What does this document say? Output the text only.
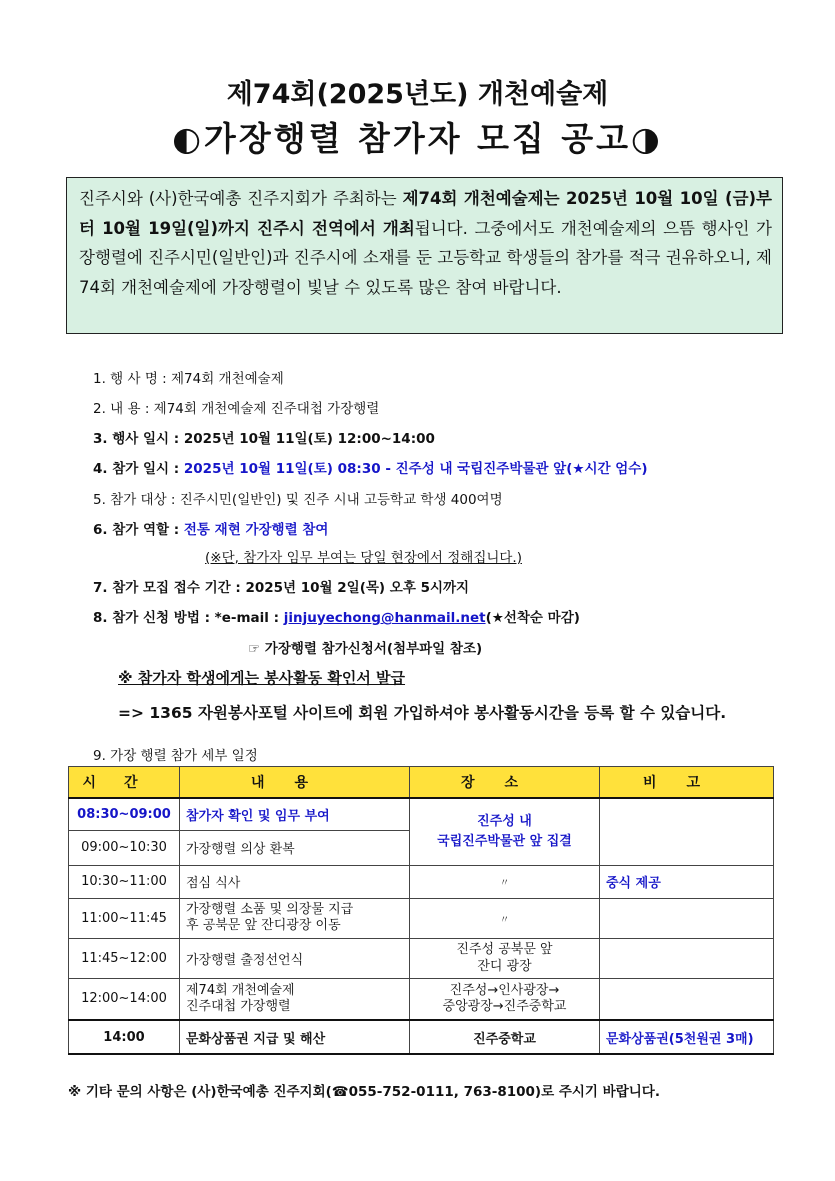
제74회(2025년도) 개천예술제
◐가장행렬 참가자 모집 공고◑
진주시와 (사)한국예총 진주지회가 주최하는 제74회 개천예술제는 2025년 10월 10일 (금)부터 10월 19일(일)까지 진주시 전역에서 개최됩니다. 그중에서도 개천예술제의 으뜸 행사인 가장행렬에 진주시민(일반인)과 진주시에 소재를 둔 고등학교 학생들의 참가를 적극 권유하오니, 제74회 개천예술제에 가장행렬이 빛날 수 있도록 많은 참여 바랍니다.
1. 행 사 명 : 제74회 개천예술제
2. 내 용 : 제74회 개천예술제 진주대첩 가장행렬
3. 행사 일시 : 2025년 10월 11일(토) 12:00~14:00
4. 참가 일시 : 2025년 10월 11일(토) 08:30 - 진주성 내 국립진주박물관 앞(★시간 엄수)
5. 참가 대상 : 진주시민(일반인) 및 진주 시내 고등학교 학생 400여명
6. 참가 역할 : 전통 재현 가장행렬 참여
(※단, 참가자 임무 부여는 당일 현장에서 정해집니다.)
7. 참가 모집 접수 기간 : 2025년 10월 2일(목) 오후 5시까지
8. 참가 신청 방법 : *e-mail : jinjuyechong@hanmail.net(★선착순 마감)
☞ 가장행렬 참가신청서(첨부파일 참조)
※ 참가자 학생에게는 봉사활동 확인서 발급
=> 1365 자원봉사포털 사이트에 회원 가입하셔야 봉사활동시간을 등록 할 수 있습니다.
9. 가장 행렬 참가 세부 일정
시간	내용	장소	비고
08:30~09:00	참가자 확인 및 임무 부여	진주성 내
국립진주박물관 앞 집결	
09:00~10:30	가장행렬 의상 환복		
10:30~11:00	점심 식사	〃	중식 제공
11:00~11:45	가장행렬 소품 및 의장물 지급
후 공북문 앞 잔디광장 이동	〃	
11:45~12:00	가장행렬 출정선언식	진주성 공북문 앞
잔디 광장	
12:00~14:00	제74회 개천예술제
진주대첩 가장행렬	진주성→인사광장→
중앙광장→진주중학교	
14:00	문화상품권 지급 및 해산	진주중학교	문화상품권(5천원권 3매)
※ 기타 문의 사항은 (사)한국예총 진주지회(☎055-752-0111, 763-8100)로 주시기 바랍니다.
